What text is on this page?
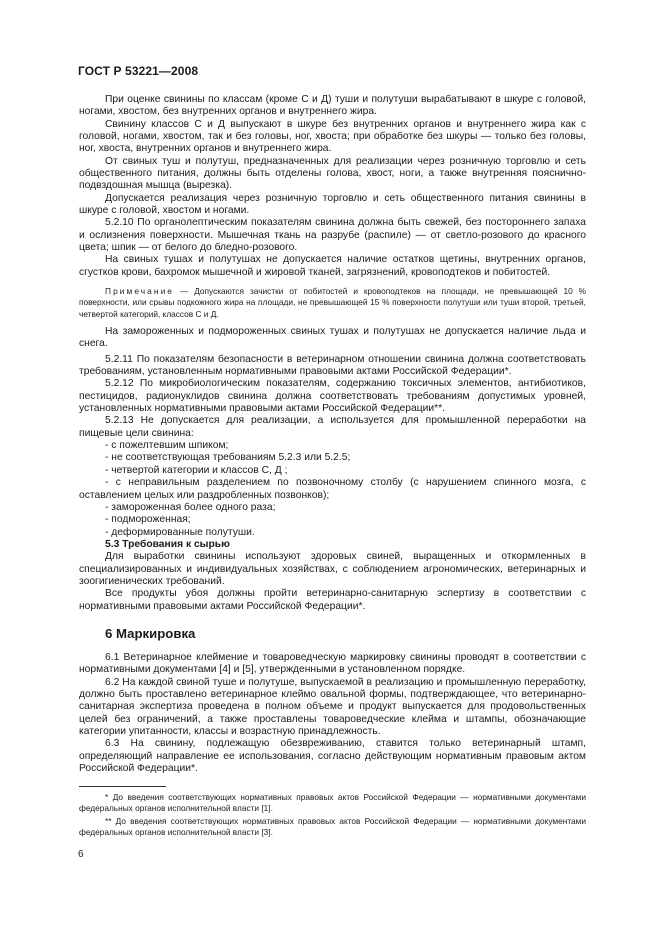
ГОСТ Р 53221—2008

При оценке свинины по классам (кроме С и Д) туши и полутуши вырабатывают в шкуре с головой, ногами, хвостом, без внутренних органов и внутреннего жира.

Свинину классов С и Д выпускают в шкуре без внутренних органов и внутреннего жира как с головой, ногами, хвостом, так и без головы, ног, хвоста; при обработке без шкуры — только без головы, ног, хвоста, внутренних органов и внутреннего жира.

От свиных туш и полутуш, предназначенных для реализации через розничную торговлю и сеть общественного питания, должны быть отделены голова, хвост, ноги, а также внутренняя пояснично-подвздошная мышца (вырезка).

Допускается реализация через розничную торговлю и сеть общественного питания свинины в шкуре с головой, хвостом и ногами.

5.2.10 По органолептическим показателям свинина должна быть свежей, без постороннего запаха и ослизнения поверхности. Мышечная ткань на разрубе (распиле) — от светло-розового до красного цвета; шпик — от белого до бледно-розового.

На свиных тушах и полутушах не допускается наличие остатков щетины, внутренних органов, сгустков крови, бахромок мышечной и жировой тканей, загрязнений, кровоподтеков и побитостей.

Примечание — Допускаются зачистки от побитостей и кровоподтеков на площади, не превышающей 10 % поверхности, или срывы подкожного жира на площади, не превышающей 15 % поверхности полутуши или туши второй, третьей, четвертой категорий, классов С и Д.

На замороженных и подмороженных свиных тушах и полутушах не допускается наличие льда и снега.

5.2.11 По показателям безопасности в ветеринарном отношении свинина должна соответствовать требованиям, установленным нормативными правовыми актами Российской Федерации*.

5.2.12 По микробиологическим показателям, содержанию токсичных элементов, антибиотиков, пестицидов, радионуклидов свинина должна соответствовать требованиям допустимых уровней, установленных нормативными правовыми актами Российской Федерации**.

5.2.13 Не допускается для реализации, а используется для промышленной переработки на пищевые цели свинина:

- с пожелтевшим шпиком;

- не соответствующая требованиям 5.2.3 или 5.2.5;

- четвертой категории и классов С, Д ;

- с неправильным разделением по позвоночному столбу (с нарушением спинного мозга, с оставлением целых или раздробленных позвонков);

- замороженная более одного раза;

- подмороженная;

- деформированные полутуши.

5.3 Требования к сырью

Для выработки свинины используют здоровых свиней, выращенных и откормленных в специализированных и индивидуальных хозяйствах, с соблюдением агрономических, ветеринарных и зоогигиенических требований.

Все продукты убоя должны пройти ветеринарно-санитарную эспертизу в соответствии с нормативными правовыми актами Российской Федерации*.

6 Маркировка

6.1 Ветеринарное клеймение и товароведческую маркировку свинины проводят в соответствии с нормативными документами [4] и [5], утвержденными в установленном порядке.

6.2 На каждой свиной туше и полутуше, выпускаемой в реализацию и промышленную переработку, должно быть проставлено ветеринарное клеймо овальной формы, подтверждающее, что ветеринарно-санитарная экспертиза проведена в полном объеме и продукт выпускается для продовольственных целей без ограничений, а также проставлены товароведческие клейма и штампы, обозначающие категории упитанности, классы и возрастную принадлежность.

6.3 На свинину, подлежащую обезвреживанию, ставится только ветеринарный штамп, определяющий направление ее использования, согласно действующим нормативным правовым актом Российской Федерации*.

* До введения соответствующих нормативных правовых актов Российской Федерации — нормативными документами федеральных органов исполнительной власти [1].

** До введения соответствующих нормативных правовых актов Российской Федерации — нормативными документами федеральных органов исполнительной власти [3].

6
